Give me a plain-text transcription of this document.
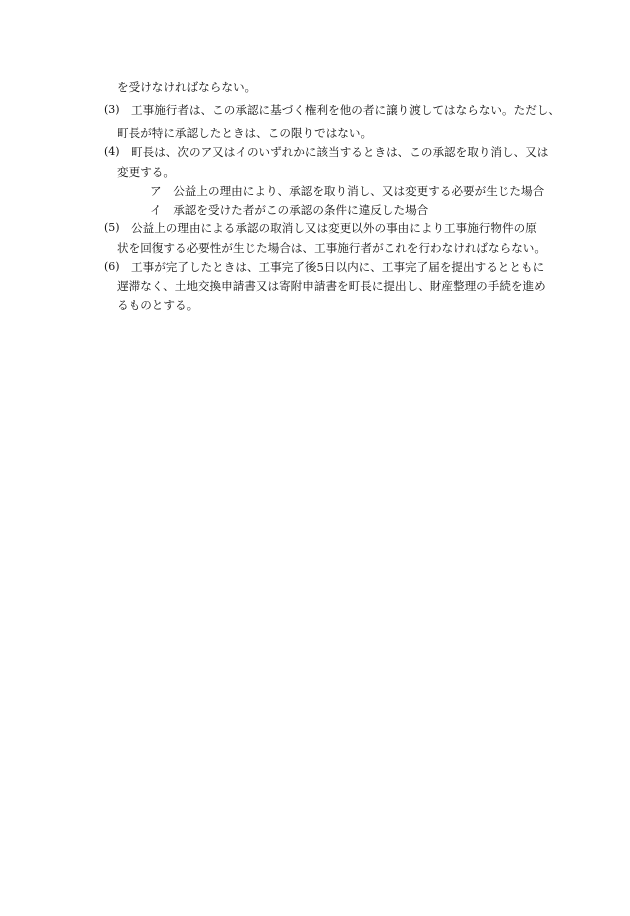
を受けなければならない。
(3) 工事施行者は、この承認に基づく権利を他の者に譲り渡してはならない。ただし、
町長が特に承認したときは、この限りではない。
(4) 町長は、次のア又はイのいずれかに該当するときは、この承認を取り消し、又は
変更する。
ア　公益上の理由により、承認を取り消し、又は変更する必要が生じた場合
イ　承認を受けた者がこの承認の条件に違反した場合
(5) 公益上の理由による承認の取消し又は変更以外の事由により工事施行物件の原
状を回復する必要性が生じた場合は、工事施行者がこれを行わなければならない。
(6) 工事が完了したときは、工事完了後5日以内に、工事完了届を提出するとともに
遅滞なく、土地交換申請書又は寄附申請書を町長に提出し、財産整理の手続を進め
るものとする。
